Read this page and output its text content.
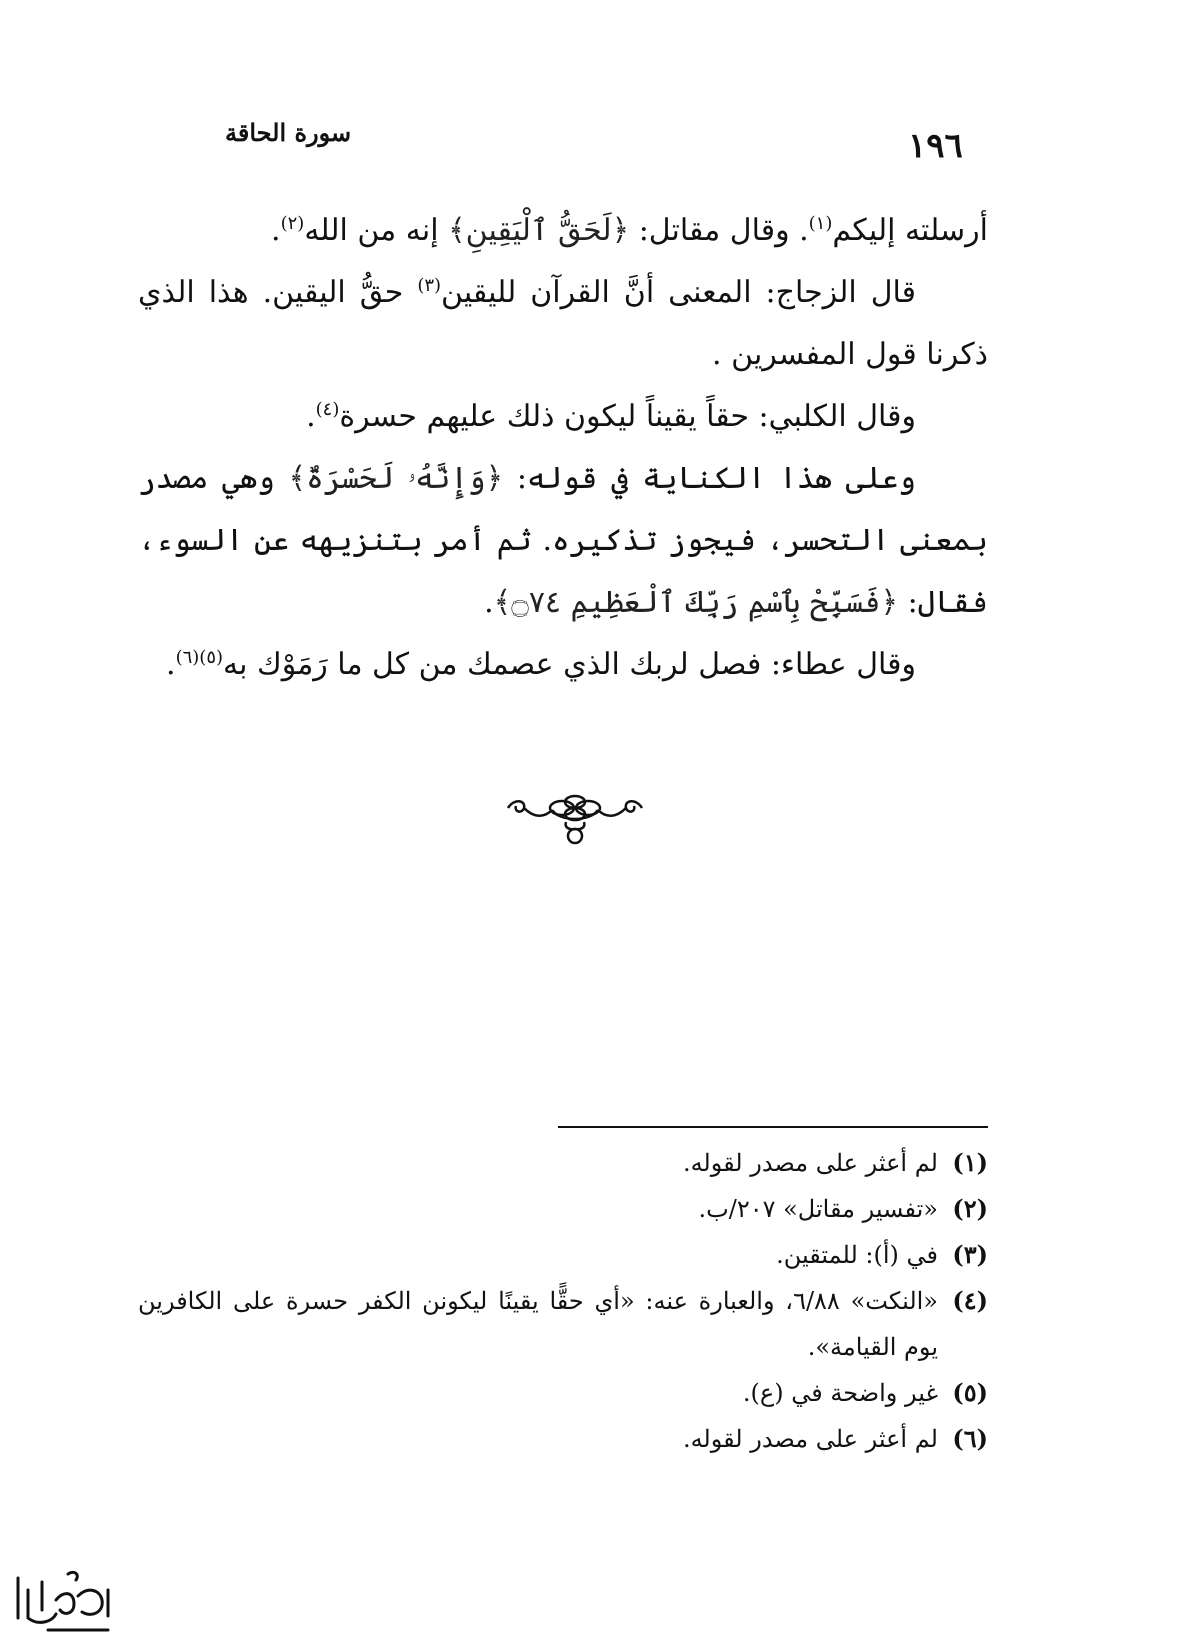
١٩٦
سورة الحاقة

أرسلته إليكم$^{(١)}$. وقال مقاتل: ﴿لَحَقُّ ٱلْيَقِينِ﴾ إنه من الله$^{(٢)}$.

قال الزجاج: المعنى أنَّ القرآن لليقين$^{(٣)}$ حقُّ اليقين. هذا الذي ذكرنا قول المفسرين .

وقال الكلبي: حقاً يقيناً ليكون ذلك عليهم حسرة$^{(٤)}$.

وعلى هذا الكناية في قوله: ﴿وَإِنَّهُۥ لَحَسْرَةٌ﴾ وهي مصدر بمعنى التحسر، فيجوز تذكيره. ثم أمر بتنزيهه عن السوء، فقال: ﴿فَسَبِّحْ بِٱسْمِ رَبِّكَ ٱلْعَظِيمِ ۝٧٤﴾.

وقال عطاء: فصل لربك الذي عصمك من كل ما رَمَوْك به$^{(٥)(٦)}$.

(١)
لم أعثر على مصدر لقوله.
(٢)
«تفسير مقاتل» ٢٠٧/ب.
(٣)
في (أ): للمتقين.
(٤)
«النكت» ٦/٨٨، والعبارة عنه: «أي حقًّا يقينًا ليكونن الكفر حسرة على الكافرين يوم القيامة».
(٥)
غير واضحة في (ع).
(٦)
لم أعثر على مصدر لقوله.
